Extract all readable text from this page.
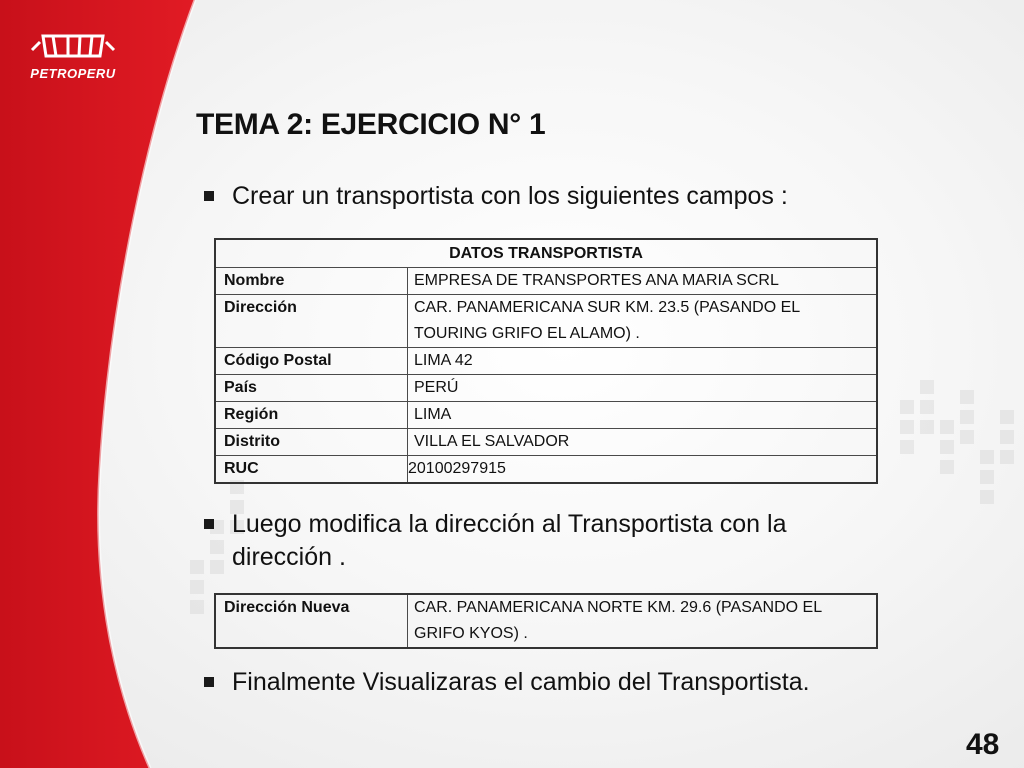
PETROPERU
TEMA 2: EJERCICIO N° 1
Crear un transportista con los siguientes campos :
DATOS TRANSPORTISTA	
Nombre	EMPRESA DE TRANSPORTES ANA MARIA SCRL
Dirección	CAR. PANAMERICANA SUR KM. 23.5 (PASANDO EL TOURING GRIFO EL ALAMO) .
Código Postal	LIMA 42
País	PERÚ
Región	LIMA
Distrito	VILLA EL SALVADOR
RUC	20100297915
Luego modifica la dirección al Transportista con la dirección .
Dirección Nueva	CAR. PANAMERICANA NORTE KM. 29.6 (PASANDO EL GRIFO KYOS) .
Finalmente Visualizaras el cambio del Transportista.
48
